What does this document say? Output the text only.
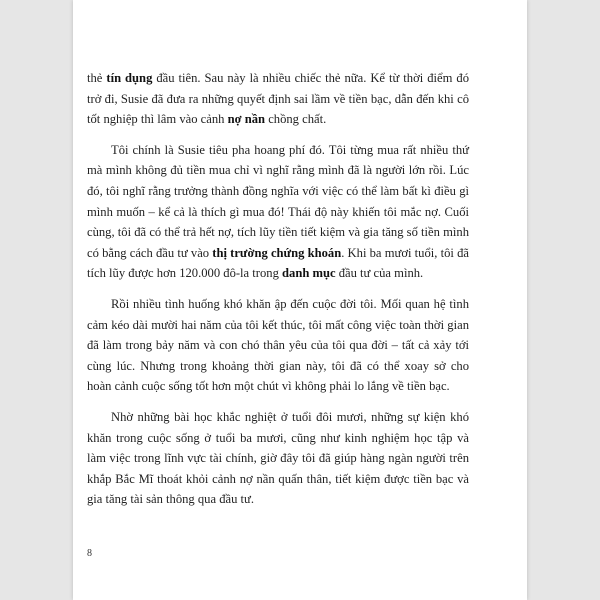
thẻ tín dụng đầu tiên. Sau này là nhiều chiếc thẻ nữa. Kể từ thời điểm đó trở đi, Susie đã đưa ra những quyết định sai lầm về tiền bạc, dẫn đến khi cô tốt nghiệp thì lâm vào cảnh nợ nần chồng chất.

Tôi chính là Susie tiêu pha hoang phí đó. Tôi từng mua rất nhiều thứ mà mình không đủ tiền mua chỉ vì nghĩ rằng mình đã là người lớn rồi. Lúc đó, tôi nghĩ rằng trưởng thành đồng nghĩa với việc có thể làm bất kì điều gì mình muốn – kể cả là thích gì mua đó! Thái độ này khiến tôi mắc nợ. Cuối cùng, tôi đã có thể trả hết nợ, tích lũy tiền tiết kiệm và gia tăng số tiền mình có bằng cách đầu tư vào thị trường chứng khoán. Khi ba mươi tuổi, tôi đã tích lũy được hơn 120.000 đô-la trong danh mục đầu tư của mình.

Rồi nhiều tình huống khó khăn ập đến cuộc đời tôi. Mối quan hệ tình cảm kéo dài mười hai năm của tôi kết thúc, tôi mất công việc toàn thời gian đã làm trong bảy năm và con chó thân yêu của tôi qua đời – tất cả xảy tới cùng lúc. Nhưng trong khoảng thời gian này, tôi đã có thể xoay sở cho hoàn cảnh cuộc sống tốt hơn một chút vì không phải lo lắng về tiền bạc.

Nhờ những bài học khắc nghiệt ở tuổi đôi mươi, những sự kiện khó khăn trong cuộc sống ở tuổi ba mươi, cũng như kinh nghiệm học tập và làm việc trong lĩnh vực tài chính, giờ đây tôi đã giúp hàng ngàn người trên khắp Bắc Mĩ thoát khỏi cảnh nợ nần quấn thân, tiết kiệm được tiền bạc và gia tăng tài sản thông qua đầu tư.

8
